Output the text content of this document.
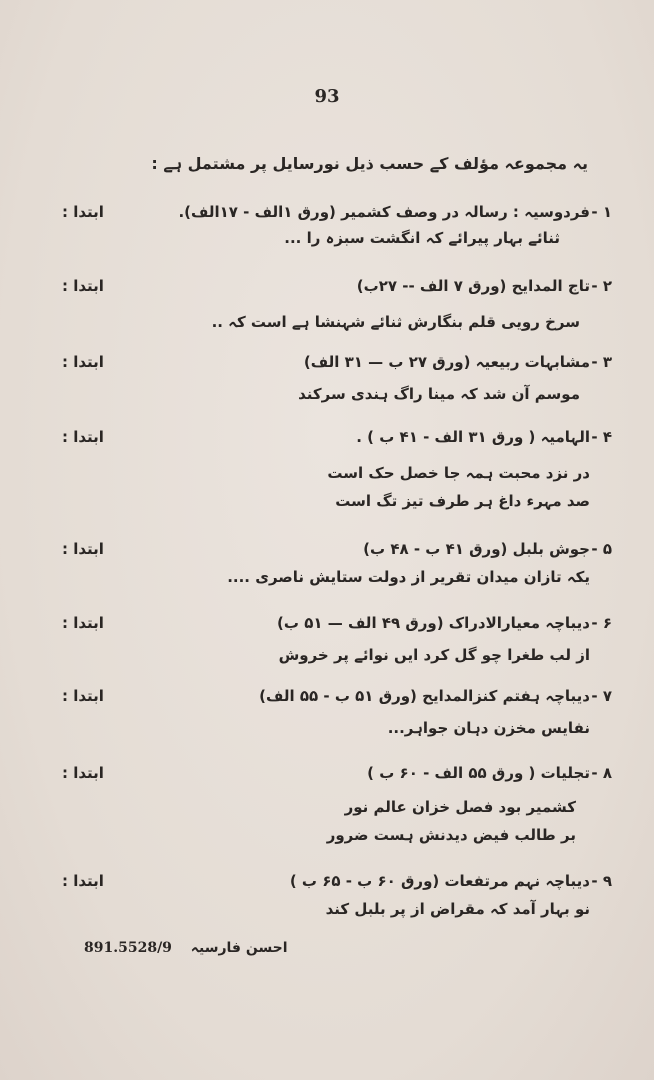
93
یہ مجموعہ مؤلف کے حسب ذیل نورسایل پر مشتمل ہے :
۱ -
فردوسیہ : رسالہ در وصف کشمیر (ورق ۱الف - ۱۷الف).
ابتدا :
ثنائے بہار پیرائے کہ انگشت سبزہ را ...
۲ -
تاج المدایح (ورق ۷ الف -- ۲۷ب)
ابتدا :
سرخ رویی قلم بنگارش ثنائے شہنشا ہے است کہ ..
۳ -
مشابہات ربیعیہ (ورق ۲۷ ب — ۳۱ الف)
ابتدا :
موسم آن شد کہ مینا راگ ہندی سرکند
۴ -
الہامیہ ( ورق ۳۱ الف - ۴۱ ب ) .
ابتدا :
در نزد محبت ہمہ جا خصل حک است
صد مہرء داغ ہر طرف تیز تگ است
۵ -
جوش بلبل (ورق ۴۱ ب - ۴۸ ب)
ابتدا :
یکہ تازان میدان تقریر از دولت ستایش ناصری ....
۶ -
دیباچہ معیارالادراک (ورق ۴۹ الف — ۵۱ ب)
ابتدا :
از لب طغرا چو گل کرد ایں نوائے پر خروش
۷ -
دیباچہ ہفتم کنزالمدایح (ورق ۵۱ ب - ۵۵ الف)
ابتدا :
نفایس مخزن دہان جواہر...
۸ -
تجلیات ( ورق ۵۵ الف - ۶۰ ب )
ابتدا :
کشمیر بود فصل خزان عالم نور
بر طالب فیض دیدنش ہست ضرور
۹ -
دیباچہ نہم مرتفعات (ورق ۶۰ ب - ۶۵ ب )
ابتدا :
نو بہار آمد کہ مقراض از پر بلبل کند
891.5528/9 احسن فارسیہ
